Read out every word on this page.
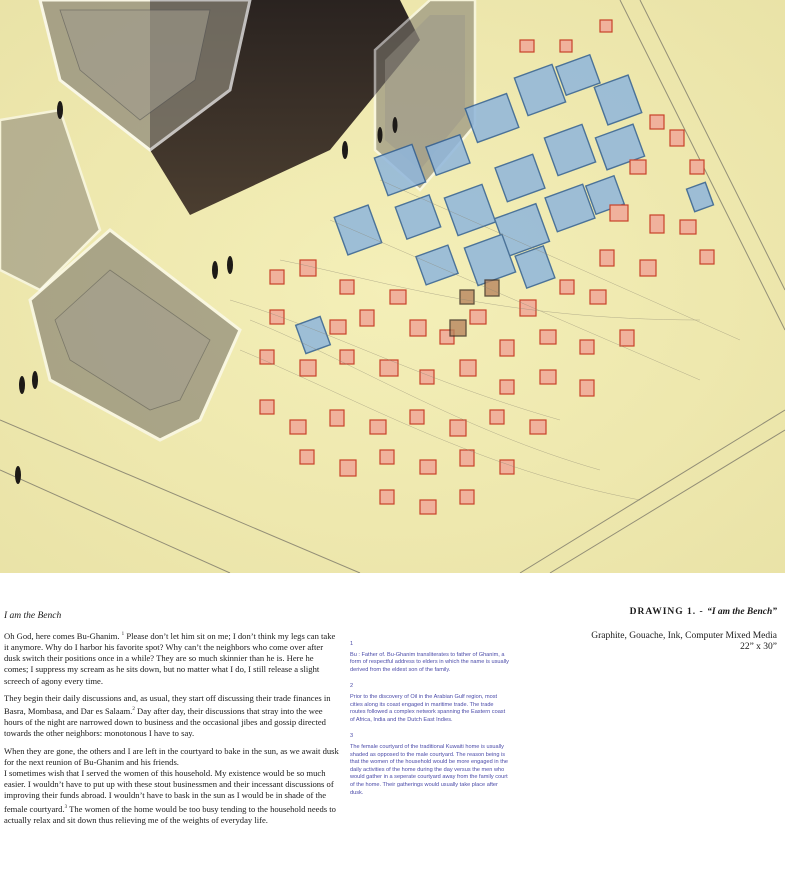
I am the Bench	DRAWING 1. - “I am the Bench”
Graphite, Gouache, Ink, Computer Mixed Media
22” x 30”

Oh God, here comes Bu-Ghanim. $^1$ Please don’t let him sit on me; I don’t think my legs can take it anymore. Why do I harbor his favorite spot? Why can’t the neighbors who come over after dusk switch their positions once in a while? They are so much skinnier than he is. Here he comes; I suppress my scream as he sits down, but no matter what I do, I still release a slight screech of agony every time.

They begin their daily discussions and, as usual, they start off discussing their trade finances in Basra, Mombasa, and Dar es Salaam.$^2$ Day after day, their discussions that stray into the wee hours of the night are narrowed down to business and the occasional jibes and gossip directed towards the other neighbors: monotonous I have to say.

When they are gone, the others and I are left in the courtyard to bake in the sun, as we await dusk for the next reunion of Bu-Ghanim and his friends.

I sometimes wish that I served the women of this household. My existence would be so much easier. I wouldn’t have to put up with these stout businessmen and their incessant discussions of improving their funds abroad. I wouldn’t have to bask in the sun as I would be in shade of the female courtyard.$^3$ The women of the home would be too busy tending to the household needs to actually relax and sit down thus relieving me of the weights of everyday life.

1
Bu : Father of. Bu-Ghanim transliterates to father of Ghanim, a form of respectful address to elders in which the name is usually derived from the eldest son of the family.
2
Prior to the discovery of Oil in the Arabian Gulf region, most cities along its coast engaged in maritime trade. The trade routes followed a complex network spanning the Eastern coast of Africa, India and the Dutch East Indies.
3
The female courtyard of the traditional Kuwaiti home is usually shaded as opposed to the male courtyard. The reason being is that the women of the household would be more engaged in the daily activities of the home during the day versus the men who would gather in a seperate courtyard away from the family court of the home. Their gatherings would usually take place after dusk.
